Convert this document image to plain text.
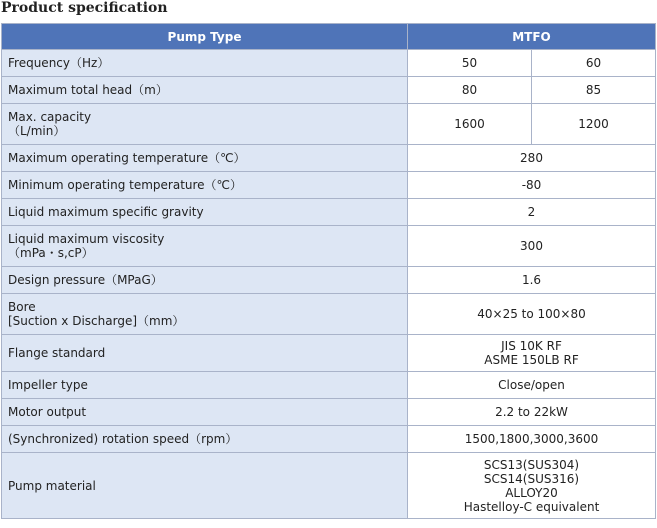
Product specification
Pump Type	MTFO	
Frequency（Hz）	50	60
Maximum total head（m）	80	85

Max. capacity
（L/min）	1600	1200
Maximum operating temperature（℃）	280	
Minimum operating temperature（℃）	-80	
Liquid maximum specific gravity	2	

Liquid maximum viscosity
（mPa・s,cP）	300	
Design pressure（MPaG）	1.6	

Bore
[Suction x Discharge]（mm）	40×25 to 100×80	
Flange standard	JIS 10K RF
ASME 150LB RF	

Impeller type	Close/open	
Motor output	2.2 to 22kW	
(Synchronized) rotation speed（rpm）	1500,1800,3000,3600	
Pump material	SCS13(SUS304)
SCS14(SUS316)
ALLOY20
Hastelloy-C equivalent	
